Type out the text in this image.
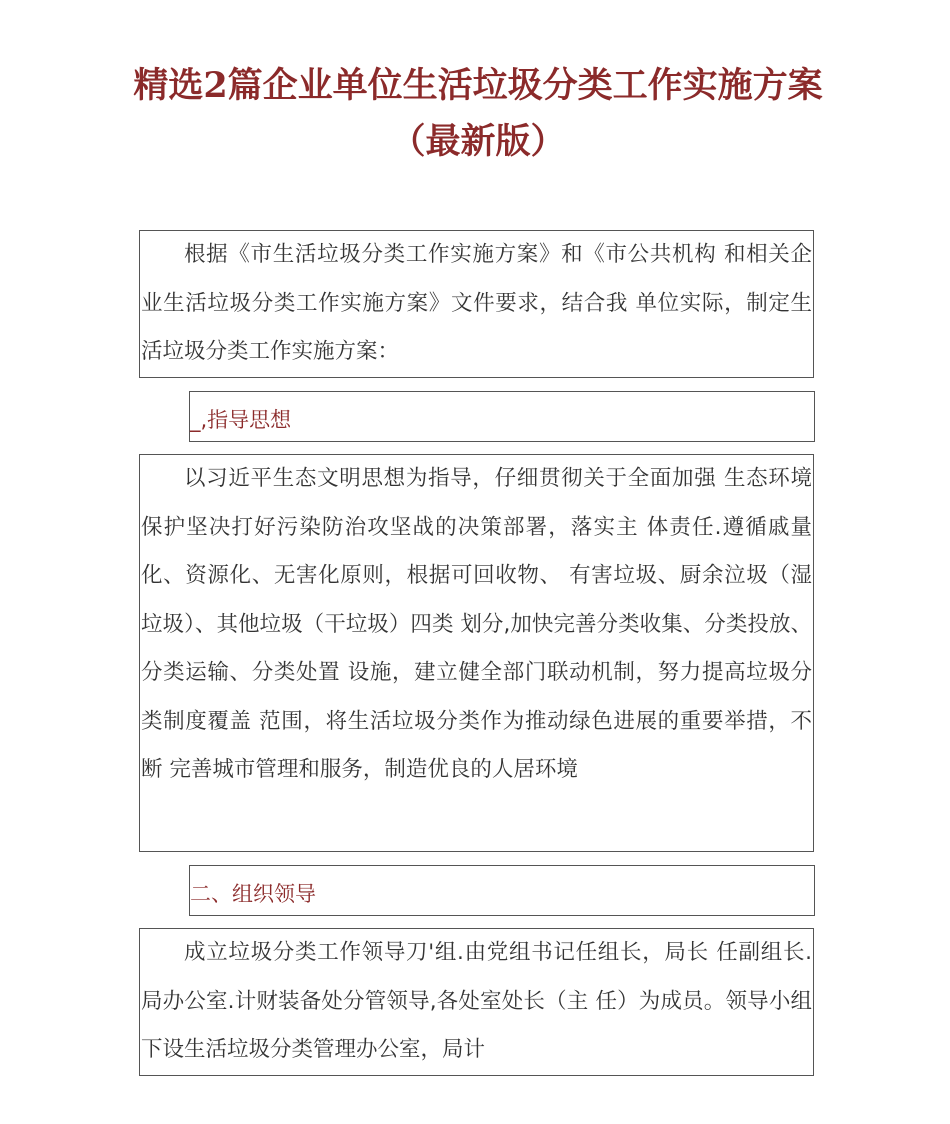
精选2篇企业单位生活垃圾分类工作实施方案（最新版）

根据《市生活垃圾分类工作实施方案》和《市公共机构 和相关企业生活垃圾分类工作实施方案》文件要求，结合我 单位实际，制定生活垃圾分类工作实施方案：

_,指导思想

以习近平生态文明思想为指导，仔细贯彻关于全面加强 生态环境保护坚决打好污染防治攻坚战的决策部署，落实主 体责任.遵循戚量化、资源化、无害化原则，根据可回收物、 有害垃圾、厨余泣圾（湿垃圾）、其他垃圾（干垃圾）四类 划分,加快完善分类收集、分类投放、分类运输、分类处置 设施，建立健全部门联动机制，努力提高垃圾分类制度覆盖 范围，将生活垃圾分类作为推动绿色进展的重要举措，不断 完善城市管理和服务，制造优良的人居环境

二、组织领导

成立垃圾分类工作领导刀'组.由党组书记任组长，局长 任副组长.局办公室.计财装备处分管领导,各处室处长（主 任）为成员。领导小组下设生活垃圾分类管理办公室，局计
